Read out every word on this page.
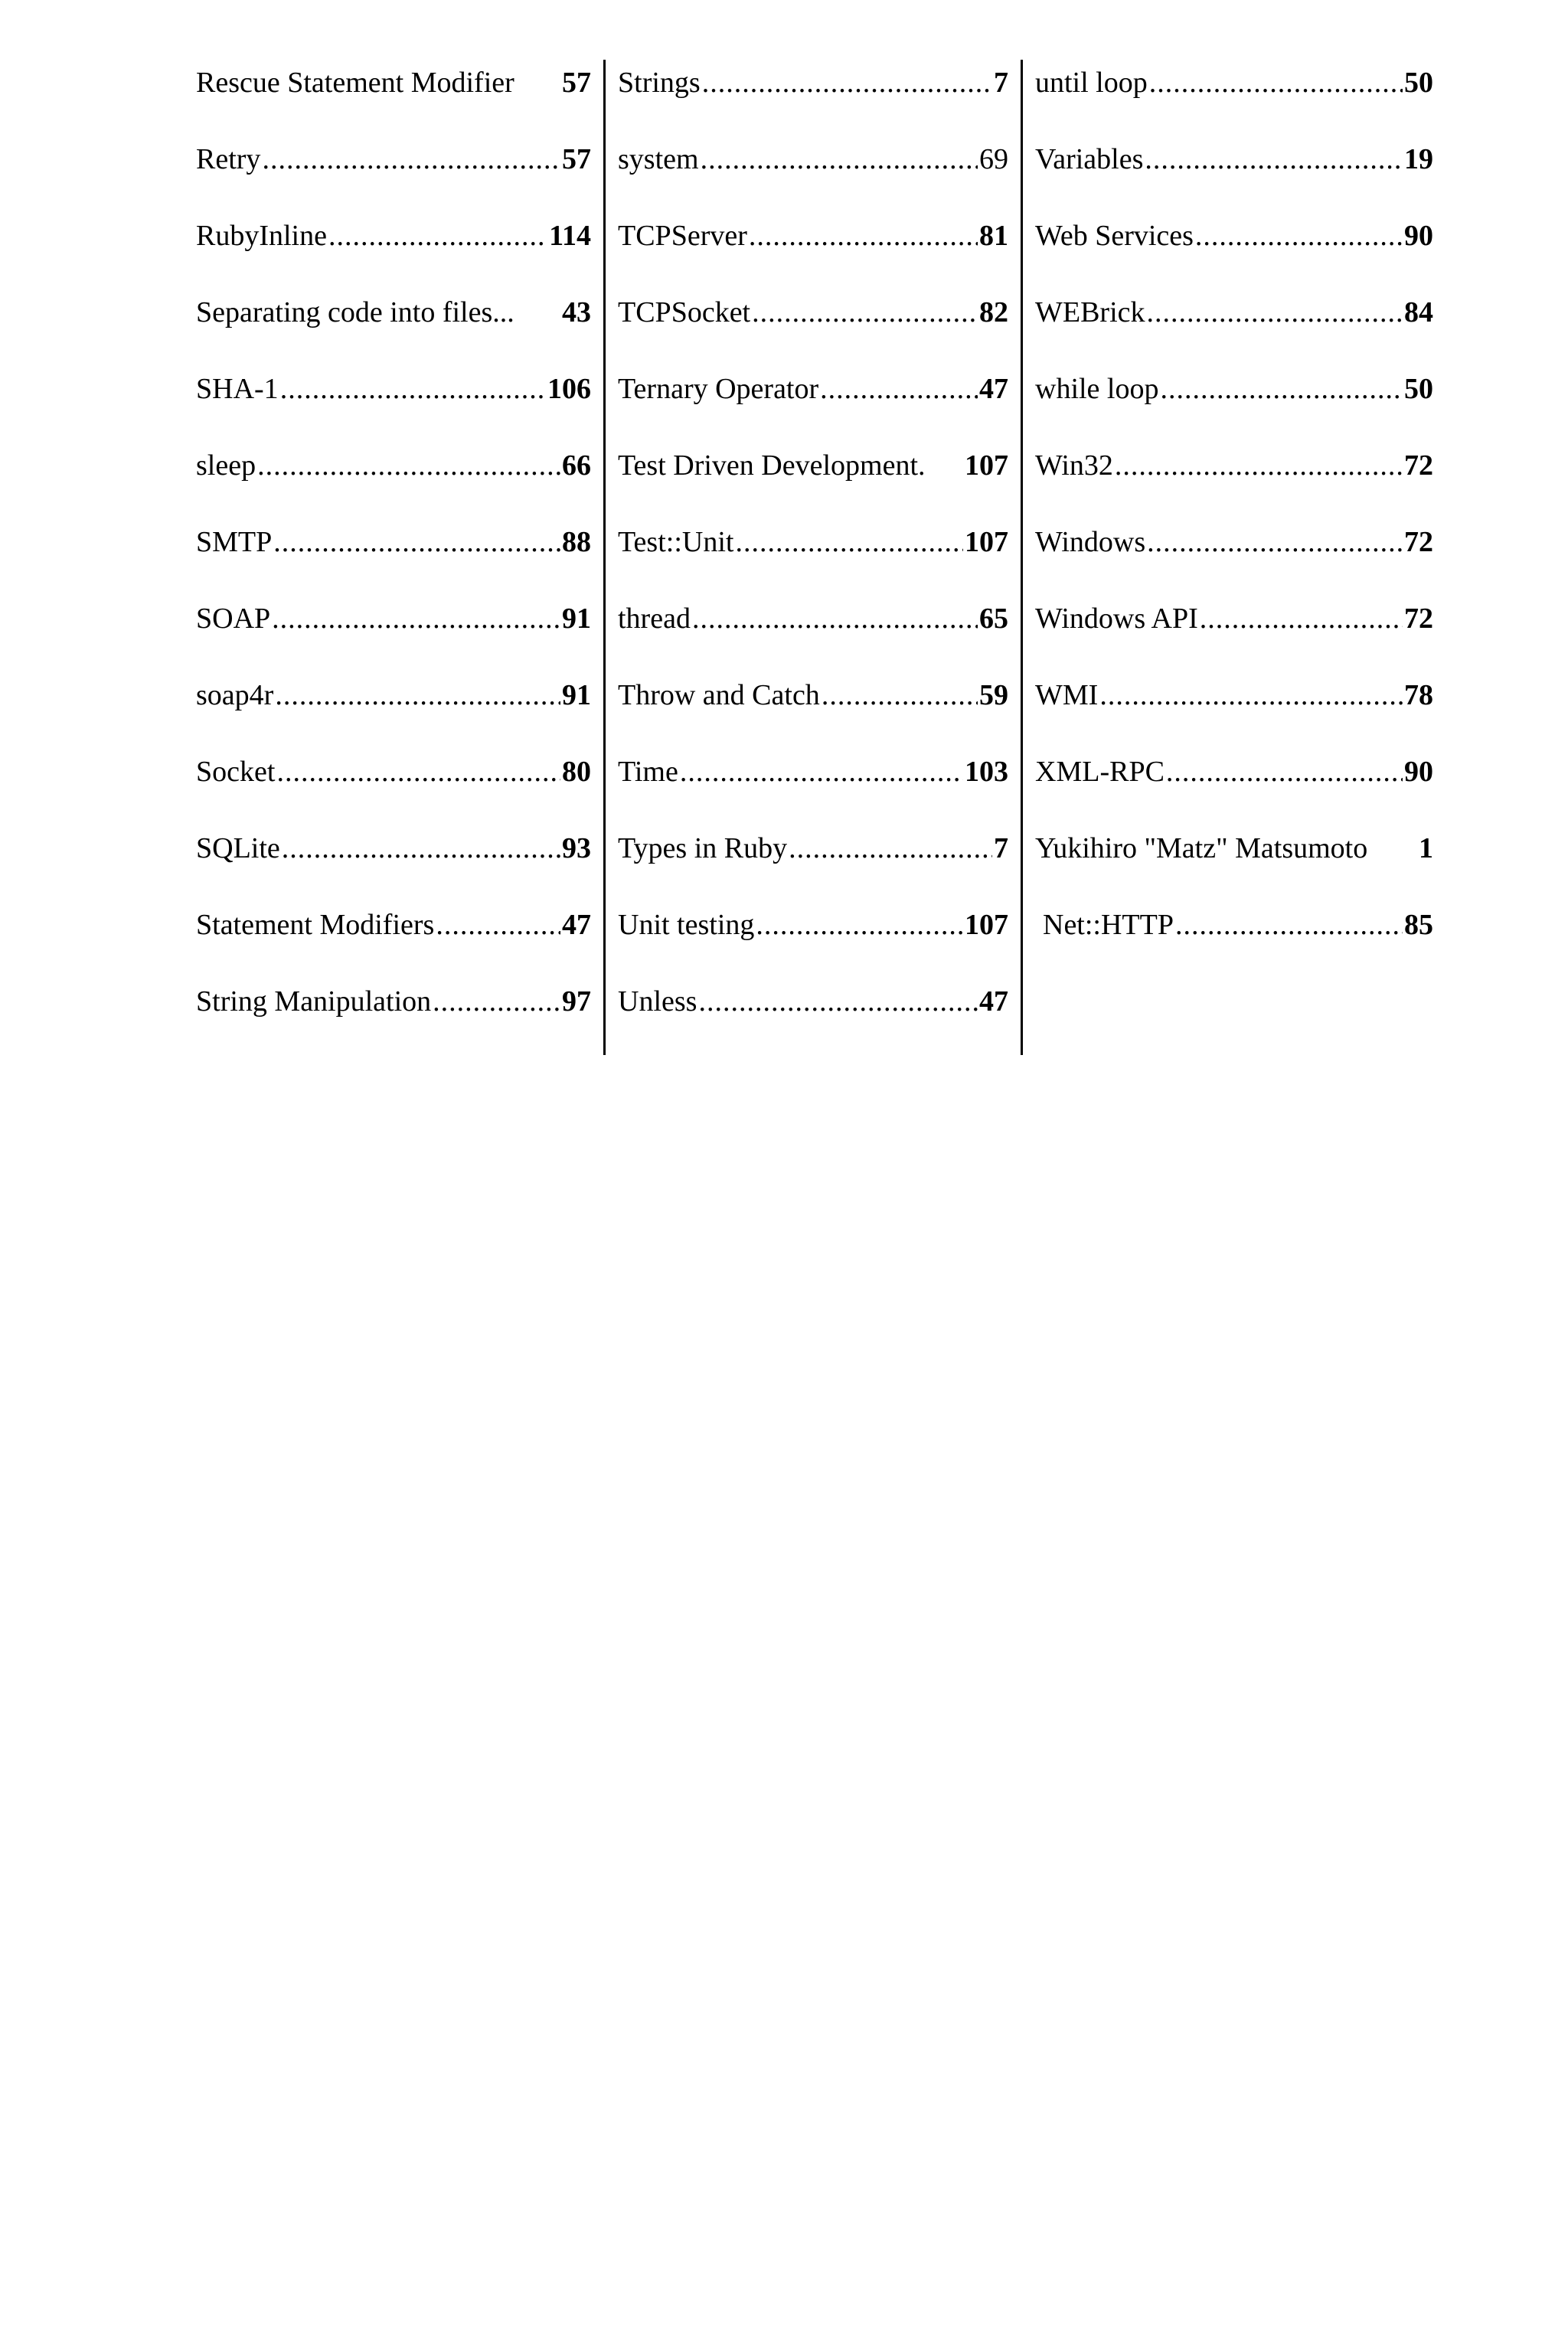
Rescue Statement Modifier 57
Retry .....	57
RubyInline .....	114
Separating code into files... 43
SHA-1 .....	106
sleep .....	66
SMTP .....	88
SOAP .....	91
soap4r .....	91
Socket .....	80
SQLite .....	93
Statement Modifiers .....	47
String Manipulation .....	97
Strings .....	7
system .....	69
TCPServer .....	81
TCPSocket .....	82
Ternary Operator .....	47
Test Driven Development. 107
Test::Unit .....	107
thread .....	65
Throw and Catch .....	59
Time .....	103
Types in Ruby .....	7
Unit testing .....	107
Unless .....	47
until loop .....	50
Variables .....	19
Web Services .....	90
WEBrick .....	84
while loop .....	50
Win32 .....	72
Windows .....	72
Windows API .....	72
WMI .....	78
XML-RPC .....	90
Yukihiro "Matz" Matsumoto 1
Net::HTTP .....	85
